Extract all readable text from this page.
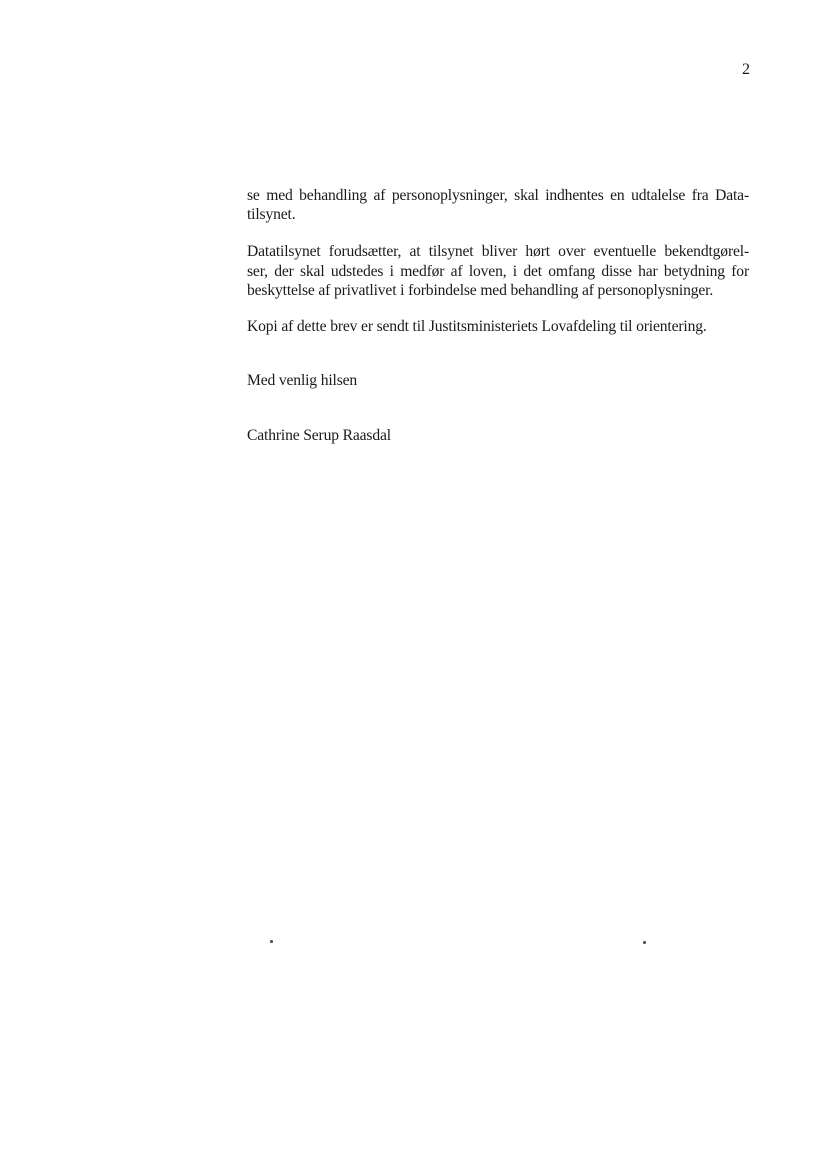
2

se med behandling af personoplysninger, skal indhentes en udtalelse fra Data-
tilsynet.

Datatilsynet forudsætter, at tilsynet bliver hørt over eventuelle bekendtgørel-
ser, der skal udstedes i medfør af loven, i det omfang disse har betydning for
beskyttelse af privatlivet i forbindelse med behandling af personoplysninger.

Kopi af dette brev er sendt til Justitsministeriets Lovafdeling til orientering.

Med venlig hilsen

Cathrine Serup Raasdal
